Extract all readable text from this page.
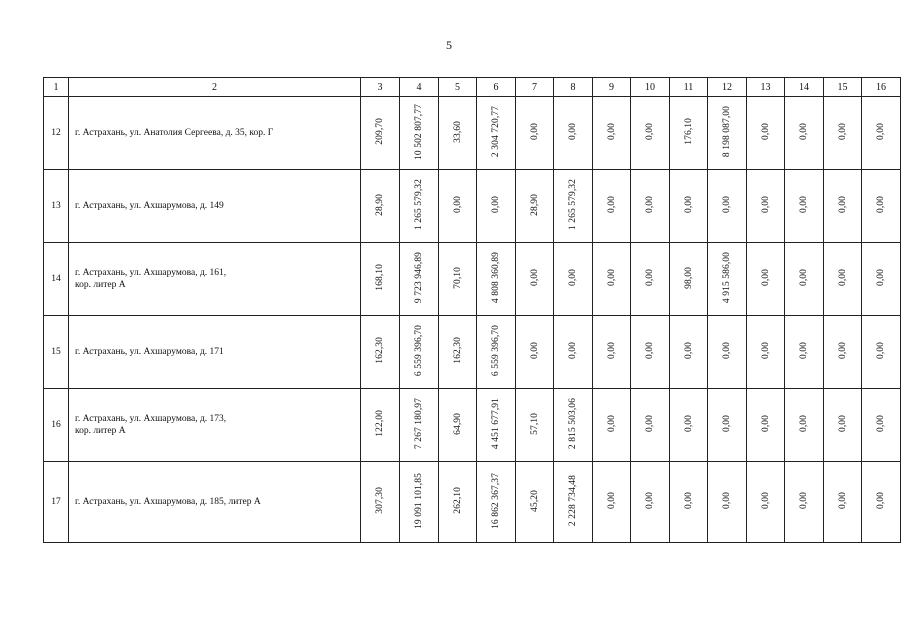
5
1	2	3	4	5	6	7	8	9	10	11	12	13	14	15	16
12	г. Астрахань, ул. Анатолия Сергеева, д. 35, кор. Г	209,70	10 502 807,77	33,60	2 304 720,77	0,00	0,00	0,00	0,00	176,10	8 198 087,00	0,00	0,00	0,00	0,00
13	г. Астрахань, ул. Ахшарумова, д. 149	28,90	1 265 579,32	0,00	0,00	28,90	1 265 579,32	0,00	0,00	0,00	0,00	0,00	0,00	0,00	0,00
14	г. Астрахань, ул. Ахшарумова, д. 161,
кор. литер А	168,10	9 723 946,89	70,10	4 808 360,89	0,00	0,00	0,00	0,00	98,00	4 915 586,00	0,00	0,00	0,00	0,00
15	г. Астрахань, ул. Ахшарумова, д. 171	162,30	6 559 396,70	162,30	6 559 396,70	0,00	0,00	0,00	0,00	0,00	0,00	0,00	0,00	0,00	0,00
16	г. Астрахань, ул. Ахшарумова, д. 173,
кор. литер А	122,00	7 267 180,97	64,90	4 451 677,91	57,10	2 815 503,06	0,00	0,00	0,00	0,00	0,00	0,00	0,00	0,00
17	г. Астрахань, ул. Ахшарумова, д. 185, литер А	307,30	19 091 101,85	262,10	16 862 367,37	45,20	2 228 734,48	0,00	0,00	0,00	0,00	0,00	0,00	0,00	0,00
